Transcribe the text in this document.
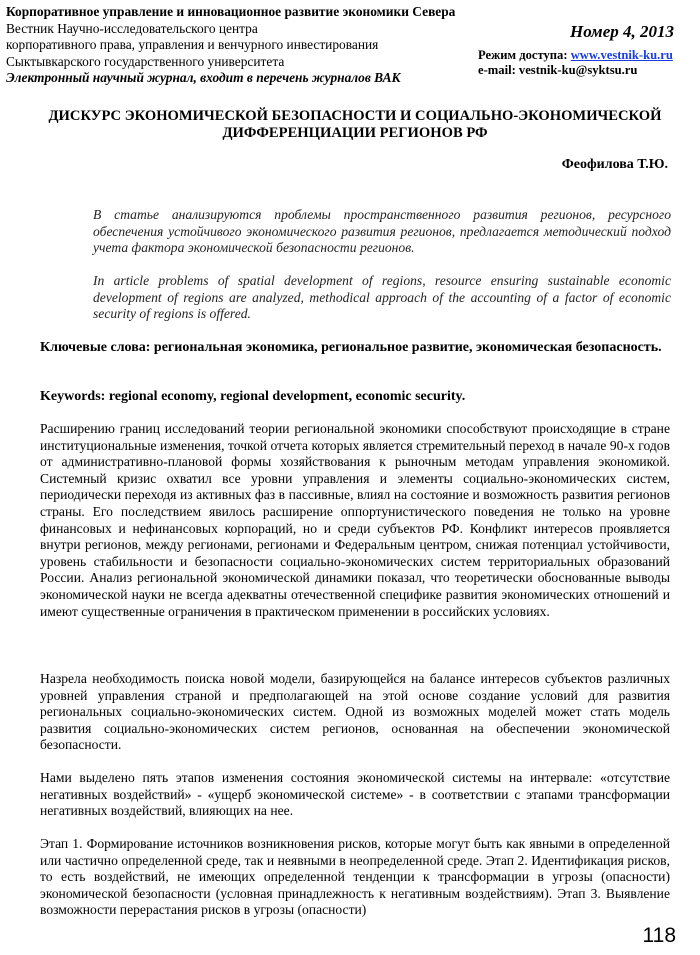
Корпоративное управление и инновационное развитие экономики Севера
Вестник Научно-исследовательского центра
корпоративного права, управления и венчурного инвестирования
Сыктывкарского государственного университета
Электронный научный журнал, входит в перечень журналов ВАК
Номер 4, 2013
Режим доступа: www.vestnik-ku.ru
e-mail: vestnik-ku@syktsu.ru
ДИСКУРС ЭКОНОМИЧЕСКОЙ БЕЗОПАСНОСТИ И СОЦИАЛЬНО-ЭКОНОМИЧЕСКОЙ ДИФФЕРЕНЦИАЦИИ РЕГИОНОВ РФ
Феофилова Т.Ю.
В статье анализируются проблемы пространственного развития регионов, ресурсного обеспечения устойчивого экономического развития регионов, предлагается методический подход учета фактора экономической безопасности регионов.
In article problems of spatial development of regions, resource ensuring sustainable economic development of regions are analyzed, methodical approach of the accounting of a factor of economic security of regions is offered.
Ключевые слова: региональная экономика, региональное развитие, экономическая безопасность.
Keywords: regional economy, regional development, economic security.
Расширению границ исследований теории региональной экономики способствуют происходящие в стране институциональные изменения, точкой отчета которых является стремительный переход в начале 90-х годов от административно-плановой формы хозяйствования к рыночным методам управления экономикой. Системный кризис охватил все уровни управления и элементы социально-экономических систем, периодически переходя из активных фаз в пассивные, влиял на состояние и возможность развития регионов страны. Его последствием явилось расширение оппортунистического поведения не только на уровне финансовых и нефинансовых корпораций, но и среди субъектов РФ. Конфликт интересов проявляется внутри регионов, между регионами, регионами и Федеральным центром, снижая потенциал устойчивости, уровень стабильности и безопасности социально-экономических систем территориальных образований России. Анализ региональной экономической динамики показал, что теоретически обоснованные выводы экономической науки не всегда адекватны отечественной специфике развития экономических отношений и имеют существенные ограничения в практическом применении в российских условиях.
Назрела необходимость поиска новой модели, базирующейся на балансе интересов субъектов различных уровней управления страной и предполагающей на этой основе создание условий для развития региональных социально-экономических систем. Одной из возможных моделей может стать модель развития социально-экономических систем регионов, основанная на обеспечении экономической безопасности.
Нами выделено пять этапов изменения состояния экономической системы на интервале: «отсутствие негативных воздействий» - «ущерб экономической системе» - в соответствии с этапами трансформации негативных воздействий, влияющих на нее.
Этап 1. Формирование источников возникновения рисков, которые могут быть как явными в определенной или частично определенной среде, так и неявными в неопределенной среде. Этап 2. Идентификация рисков, то есть воздействий, не имеющих определенной тенденции к трансформации в угрозы (опасности) экономической безопасности (условная принадлежность к негативным воздействиям). Этап 3. Выявление возможности перерастания рисков в угрозы (опасности)
118
